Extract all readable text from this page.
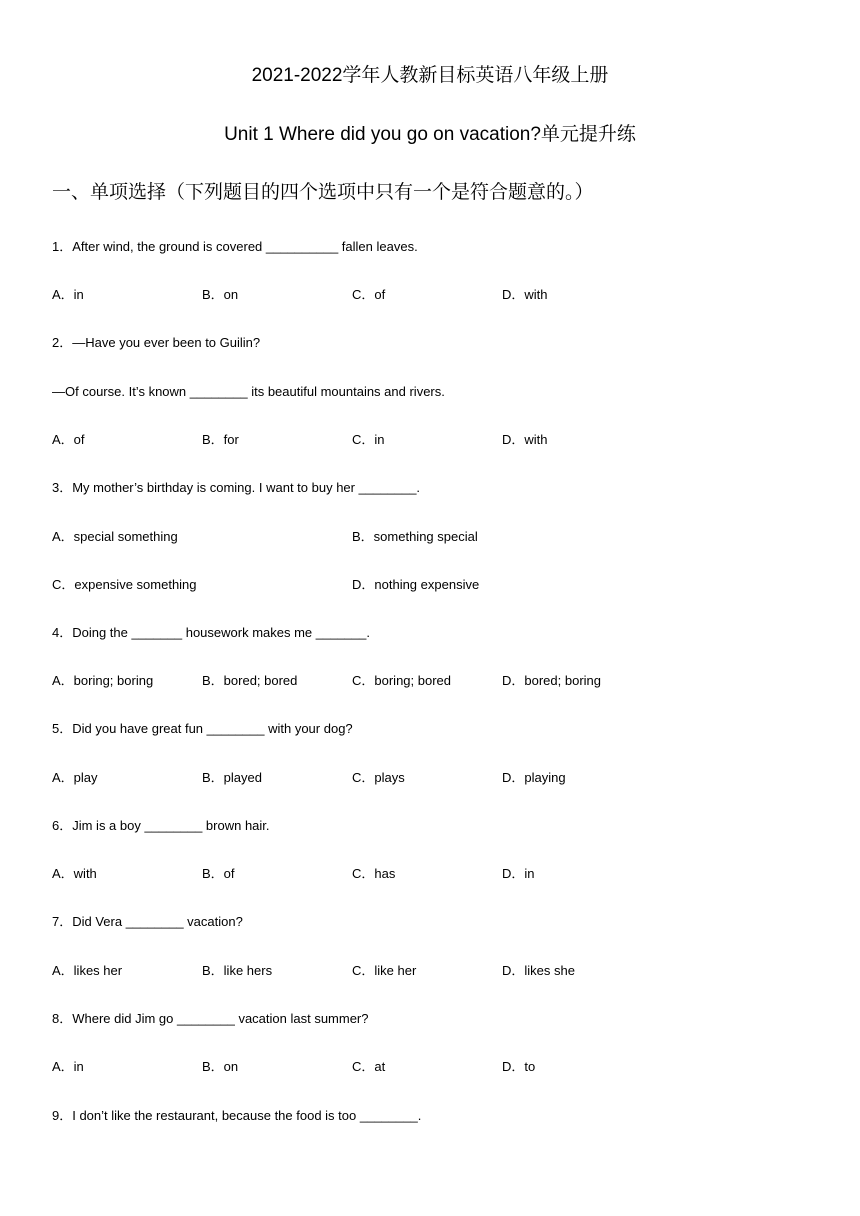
2021-2022学年人教新目标英语八年级上册
Unit 1 Where did you go on vacation?单元提升练
一、单项选择（下列题目的四个选项中只有一个是符合题意的。）
1．After wind, the ground is covered __________ fallen leaves.
A．in	B．on	C．of	D．with
2．—Have you ever been to Guilin?
—Of course. It’s known ________ its beautiful mountains and rivers.
A．of	B．for	C．in	D．with
3．My mother’s birthday is coming. I want to buy her ________.
A．special something	B．something special
C．expensive something	D．nothing expensive
4．Doing the _______ housework makes me _______.
A．boring; boring	B．bored; bored	C．boring; bored	D．bored; boring
5．Did you have great fun ________ with your dog?
A．play	B．played	C．plays	D．playing
6．Jim is a boy ________ brown hair.
A．with	B．of	C．has	D．in
7．Did Vera ________ vacation?
A．likes her	B．like hers	C．like her	D．likes she
8．Where did Jim go ________ vacation last summer?
A．in	B．on	C．at	D．to
9．I don’t like the restaurant, because the food is too ________.
